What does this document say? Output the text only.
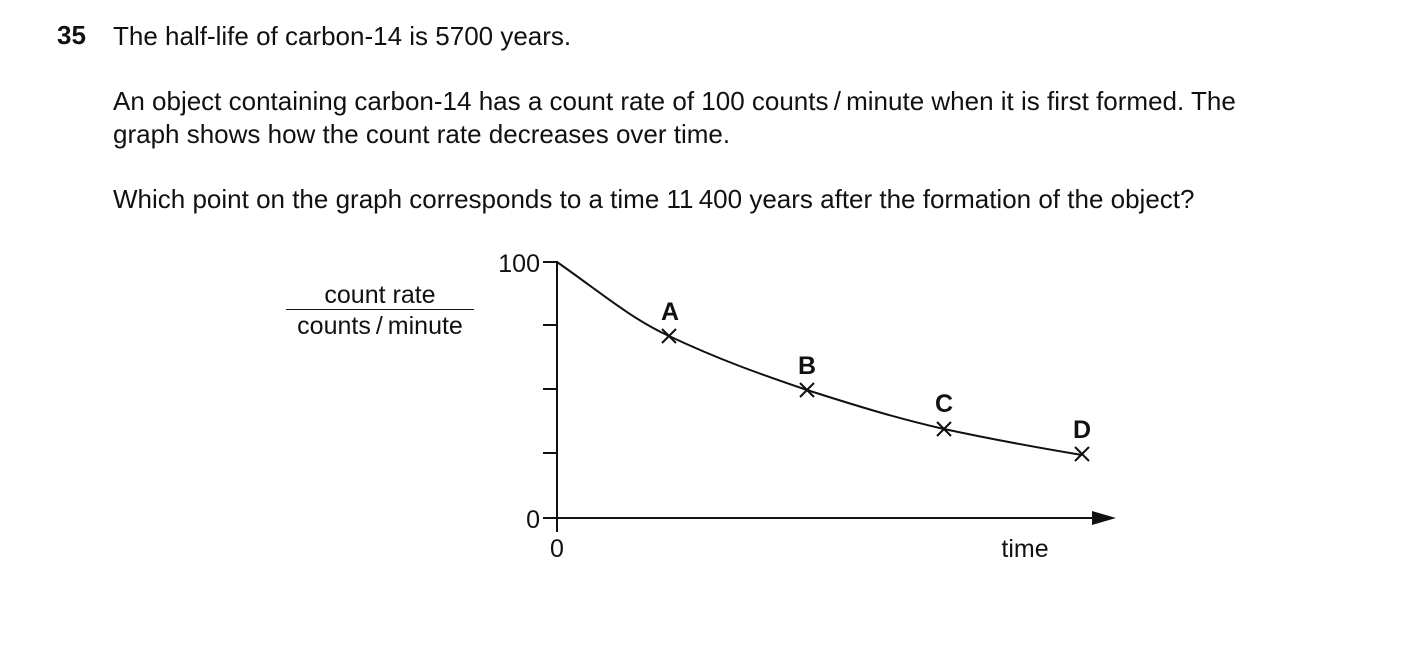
35 The half-life of carbon-14 is 5700 years.
An object containing carbon-14 has a count rate of 100 counts / minute when it is first formed. The
graph shows how the count rate decreases over time.
Which point on the graph corresponds to a time 11 400 years after the formation of the object?
count rate
counts / minute
100
0
0	time
A
B
C
D
